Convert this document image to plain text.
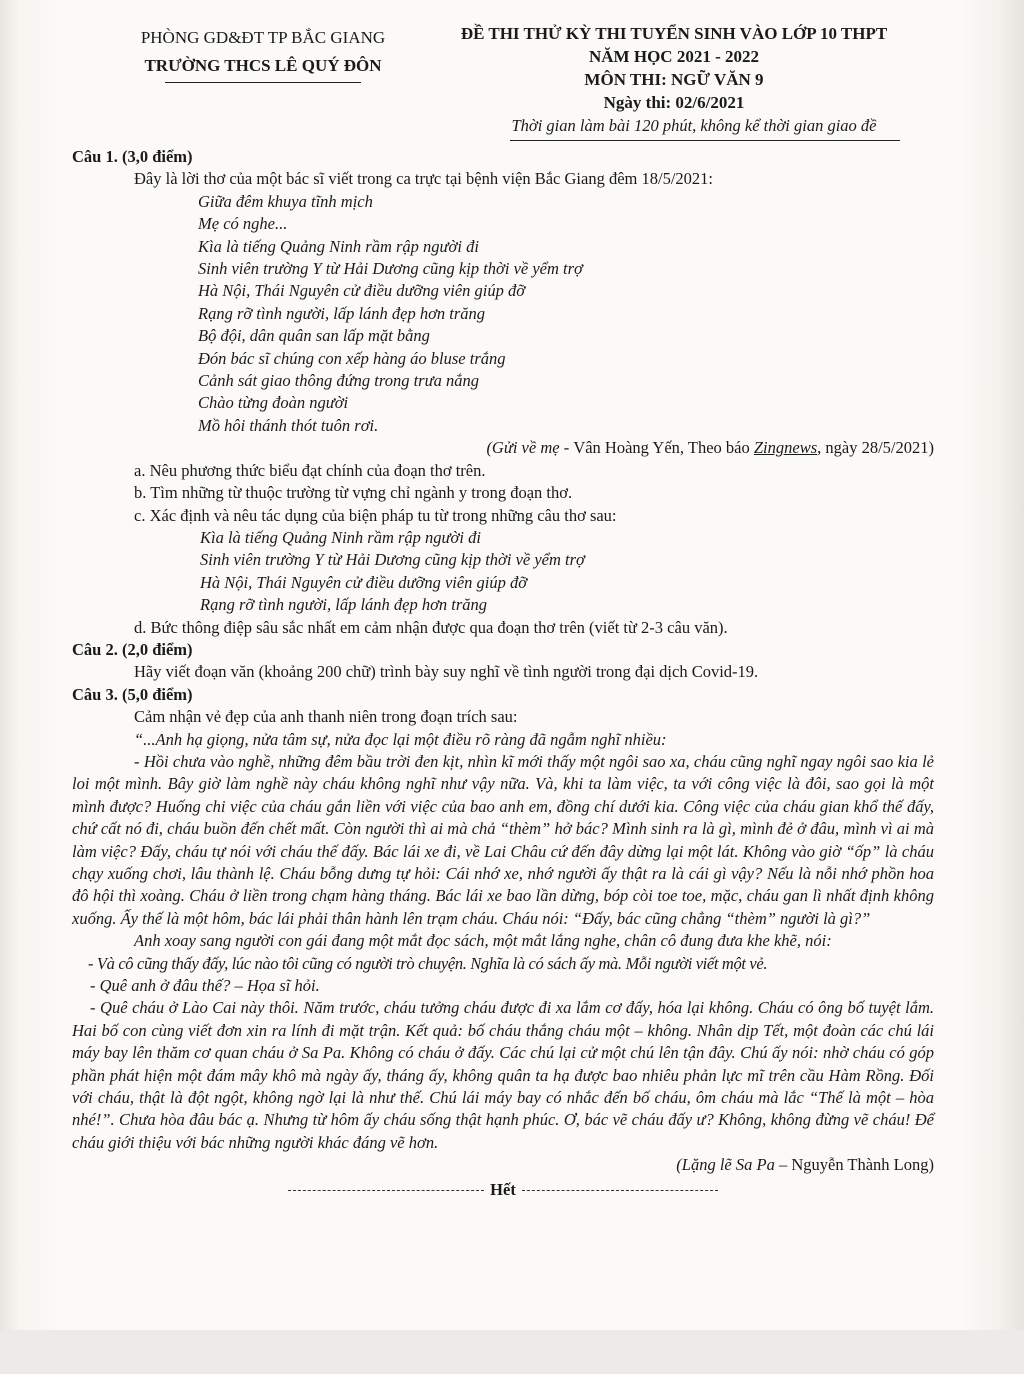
PHÒNG GD&ĐT TP BẮC GIANG
TRƯỜNG THCS LÊ QUÝ ĐÔN
ĐỀ THI THỬ KỲ THI TUYỂN SINH VÀO LỚP 10 THPT
NĂM HỌC 2021 - 2022
MÔN THI: NGỮ VĂN 9
Ngày thi: 02/6/2021
Thời gian làm bài 120 phút, không kể thời gian giao đề

Câu 1. (3,0 điểm)

Đây là lời thơ của một bác sĩ viết trong ca trực tại bệnh viện Bắc Giang đêm 18/5/2021:

Giữa đêm khuya tĩnh mịch

Mẹ có nghe...

Kìa là tiếng Quảng Ninh rầm rập người đi

Sinh viên trường Y từ Hải Dương cũng kịp thời về yểm trợ

Hà Nội, Thái Nguyên cử điều dưỡng viên giúp đỡ

Rạng rỡ tình người, lấp lánh đẹp hơn trăng

Bộ đội, dân quân san lấp mặt bằng

Đón bác sĩ chúng con xếp hàng áo bluse trắng

Cảnh sát giao thông đứng trong trưa nắng

Chào từng đoàn người

Mồ hôi thánh thót tuôn rơi.

(Gửi về mẹ - Vân Hoàng Yến, Theo báo Zingnews, ngày 28/5/2021)

a. Nêu phương thức biểu đạt chính của đoạn thơ trên.

b. Tìm những từ thuộc trường từ vựng chỉ ngành y trong đoạn thơ.

c. Xác định và nêu tác dụng của biện pháp tu từ trong những câu thơ sau:

Kìa là tiếng Quảng Ninh rầm rập người đi

Sinh viên trường Y từ Hải Dương cũng kịp thời về yểm trợ

Hà Nội, Thái Nguyên cử điều dưỡng viên giúp đỡ

Rạng rỡ tình người, lấp lánh đẹp hơn trăng

d. Bức thông điệp sâu sắc nhất em cảm nhận được qua đoạn thơ trên (viết từ 2-3 câu văn).

Câu 2. (2,0 điểm)

Hãy viết đoạn văn (khoảng 200 chữ) trình bày suy nghĩ về tình người trong đại dịch Covid-19.

Câu 3. (5,0 điểm)

Cảm nhận vẻ đẹp của anh thanh niên trong đoạn trích sau:

“...Anh hạ giọng, nửa tâm sự, nửa đọc lại một điều rõ ràng đã ngẫm nghĩ nhiều:

- Hồi chưa vào nghề, những đêm bầu trời đen kịt, nhìn kĩ mới thấy một ngôi sao xa, cháu cũng nghĩ ngay ngôi sao kia lẻ loi một mình. Bây giờ làm nghề này cháu không nghĩ như vậy nữa. Và, khi ta làm việc, ta với công việc là đôi, sao gọi là một mình được? Huống chi việc của cháu gắn liền với việc của bao anh em, đồng chí dưới kia. Công việc của cháu gian khổ thế đấy, chứ cất nó đi, cháu buồn đến chết mất. Còn người thì ai mà chả “thèm” hở bác? Mình sinh ra là gì, mình đẻ ở đâu, mình vì ai mà làm việc? Đấy, cháu tự nói với cháu thế đấy. Bác lái xe đi, về Lai Châu cứ đến đây dừng lại một lát. Không vào giờ “ốp” là cháu chạy xuống chơi, lâu thành lệ. Cháu bỗng dưng tự hỏi: Cái nhớ xe, nhớ người ấy thật ra là cái gì vậy? Nếu là nỗi nhớ phồn hoa đô hội thì xoàng. Cháu ở liền trong chạm hàng tháng. Bác lái xe bao lần dừng, bóp còi toe toe, mặc, cháu gan lì nhất định không xuống. Ấy thế là một hôm, bác lái phải thân hành lên trạm cháu. Cháu nói: “Đấy, bác cũng chẳng “thèm” người là gì?”

Anh xoay sang người con gái đang một mắt đọc sách, một mắt lắng nghe, chân cô đung đưa khe khẽ, nói:

- Và cô cũng thấy đấy, lúc nào tôi cũng có người trò chuyện. Nghĩa là có sách ấy mà. Mỗi người viết một vẻ.

- Quê anh ở đâu thế? – Họa sĩ hỏi.

- Quê cháu ở Lào Cai này thôi. Năm trước, cháu tưởng cháu được đi xa lắm cơ đấy, hóa lại không. Cháu có ông bố tuyệt lắm. Hai bố con cùng viết đơn xin ra lính đi mặt trận. Kết quả: bố cháu thắng cháu một – không. Nhân dịp Tết, một đoàn các chú lái máy bay lên thăm cơ quan cháu ở Sa Pa. Không có cháu ở đấy. Các chú lại cử một chú lên tận đây. Chú ấy nói: nhờ cháu có góp phần phát hiện một đám mây khô mà ngày ấy, tháng ấy, không quân ta hạ được bao nhiêu phản lực mĩ trên cầu Hàm Rồng. Đối với cháu, thật là đột ngột, không ngờ lại là như thế. Chú lái máy bay có nhắc đến bố cháu, ôm cháu mà lắc “Thế là một – hòa nhé!”. Chưa hòa đâu bác ạ. Nhưng từ hôm ấy cháu sống thật hạnh phúc. Ơ, bác vẽ cháu đấy ư? Không, không đừng vẽ cháu! Để cháu giới thiệu với bác những người khác đáng vẽ hơn.

(Lặng lẽ Sa Pa – Nguyễn Thành Long)

Hết
